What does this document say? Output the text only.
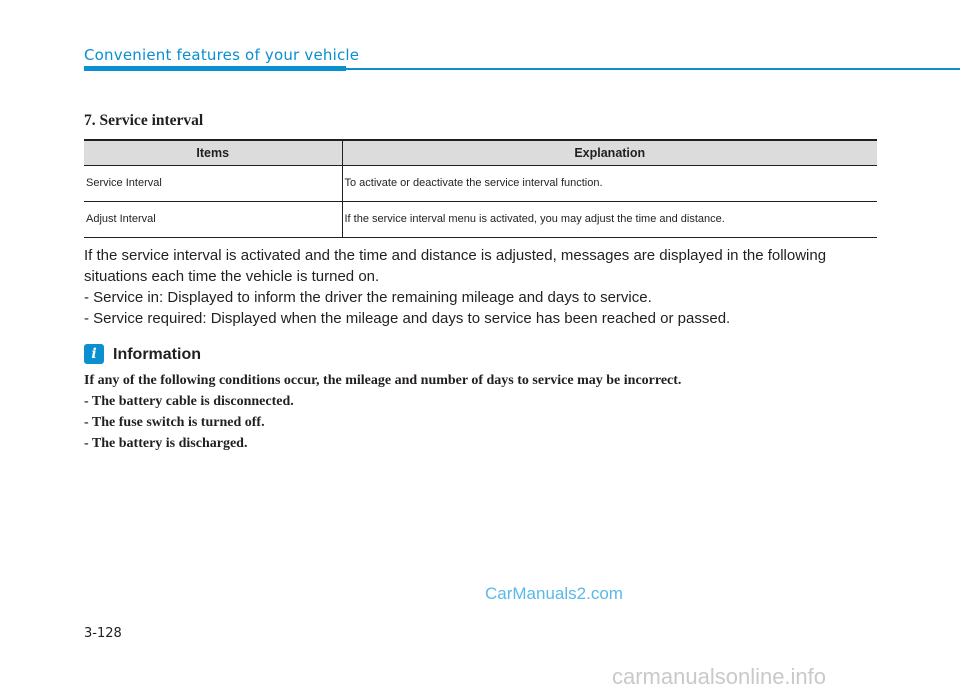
Convenient features of your vehicle
7. Service interval
Items	Explanation
Service Interval	To activate or deactivate the service interval function.
Adjust Interval	If the service interval menu is activated, you may adjust the time and distance.

If the service interval is activated and the time and distance is adjusted, messages are displayed in the following situations each time the vehicle is turned on.

- Service in: Displayed to inform the driver the remaining mileage and days to service.

- Service required: Displayed when the mileage and days to service has been reached or passed.

i	Information

If any of the following conditions occur, the mileage and number of days to service may be incorrect.

- The battery cable is disconnected.

- The fuse switch is turned off.

- The battery is discharged.

CarManuals2.com
3-128
carmanualsonline.info
